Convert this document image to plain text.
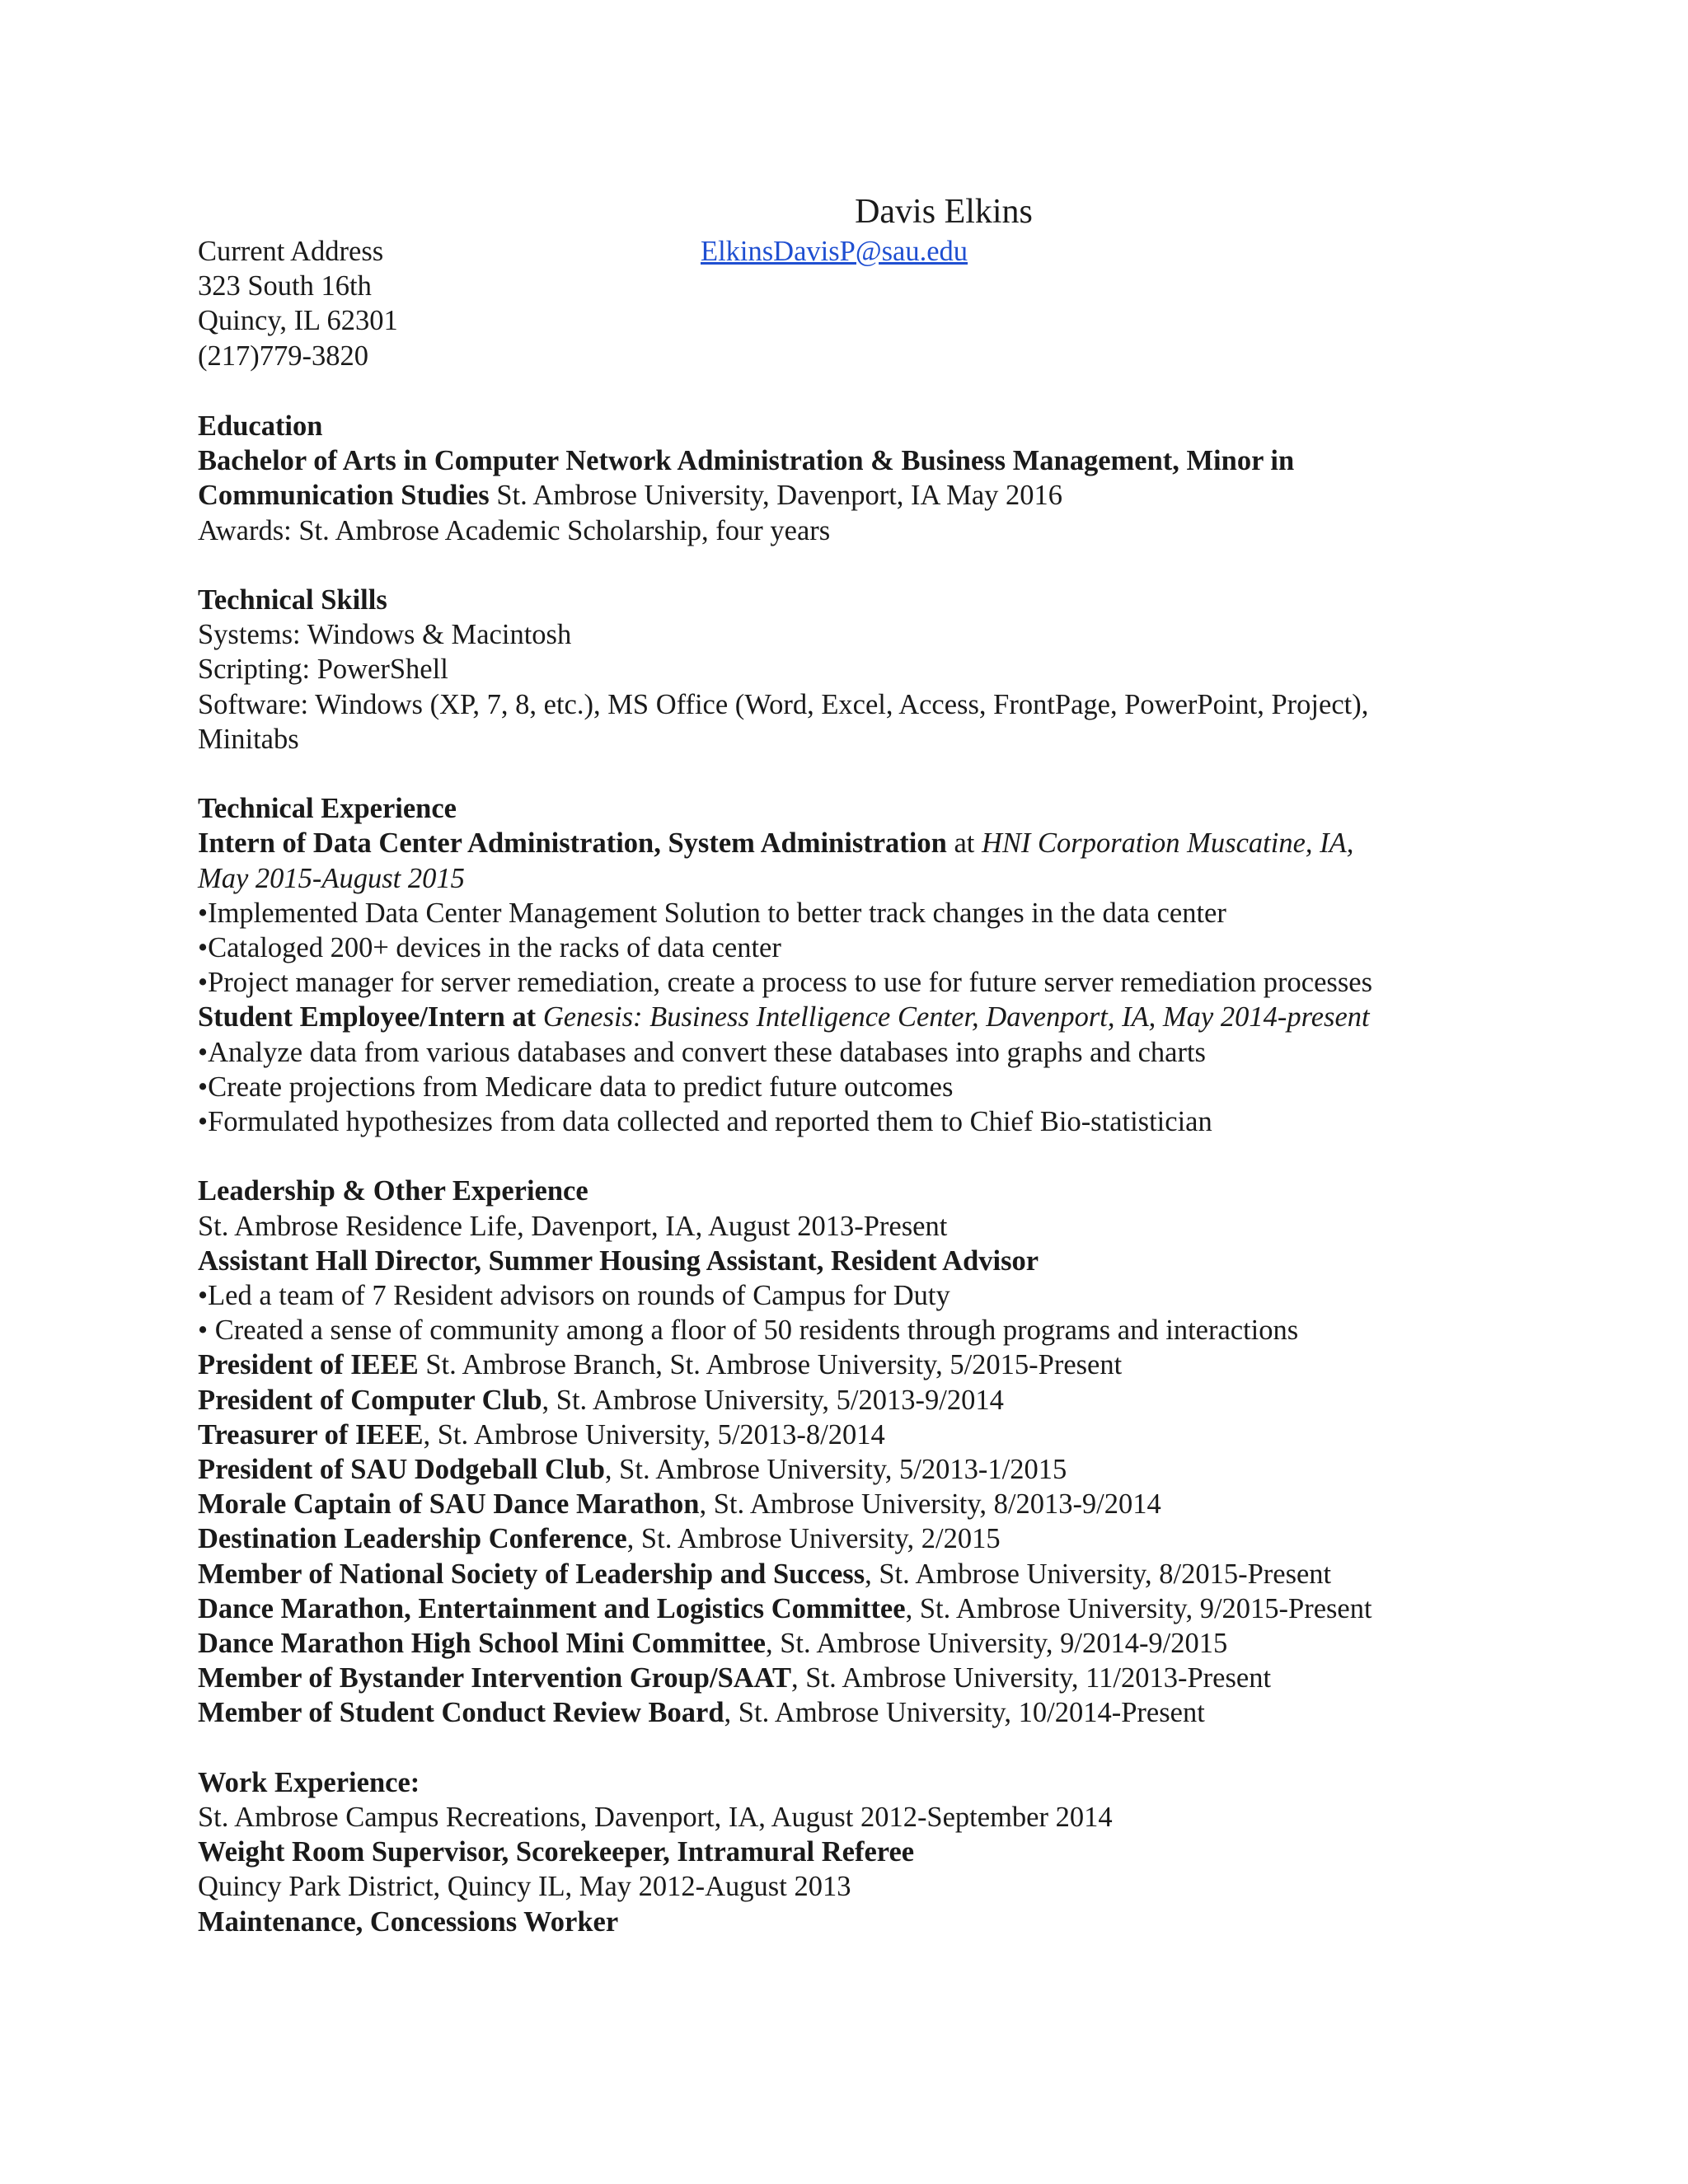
Davis Elkins
Current Address
323 South 16th
Quincy, IL 62301
(217)779-3820
ElkinsDavisP@sau.edu
Education
Bachelor of Arts in Computer Network Administration & Business Management, Minor in
Communication Studies St. Ambrose University, Davenport, IA May 2016
Awards: St. Ambrose Academic Scholarship, four years
Technical Skills
Systems: Windows & Macintosh
Scripting: PowerShell
Software: Windows (XP, 7, 8, etc.), MS Office (Word, Excel, Access, FrontPage, PowerPoint, Project),
Minitabs
Technical Experience
Intern of Data Center Administration, System Administration at HNI Corporation Muscatine, IA,
May 2015-August 2015
•Implemented Data Center Management Solution to better track changes in the data center
•Cataloged 200+ devices in the racks of data center
•Project manager for server remediation, create a process to use for future server remediation processes
Student Employee/Intern at Genesis: Business Intelligence Center, Davenport, IA, May 2014-present
•Analyze data from various databases and convert these databases into graphs and charts
•Create projections from Medicare data to predict future outcomes
•Formulated hypothesizes from data collected and reported them to Chief Bio-statistician
Leadership & Other Experience
St. Ambrose Residence Life, Davenport, IA, August 2013-Present
Assistant Hall Director, Summer Housing Assistant, Resident Advisor
•Led a team of 7 Resident advisors on rounds of Campus for Duty
• Created a sense of community among a floor of 50 residents through programs and interactions
President of IEEE St. Ambrose Branch, St. Ambrose University, 5/2015-Present
President of Computer Club, St. Ambrose University, 5/2013-9/2014
Treasurer of IEEE, St. Ambrose University, 5/2013-8/2014
President of SAU Dodgeball Club, St. Ambrose University, 5/2013-1/2015
Morale Captain of SAU Dance Marathon, St. Ambrose University, 8/2013-9/2014
Destination Leadership Conference, St. Ambrose University, 2/2015
Member of National Society of Leadership and Success, St. Ambrose University, 8/2015-Present
Dance Marathon, Entertainment and Logistics Committee, St. Ambrose University, 9/2015-Present
Dance Marathon High School Mini Committee, St. Ambrose University, 9/2014-9/2015
Member of Bystander Intervention Group/SAAT, St. Ambrose University, 11/2013-Present
Member of Student Conduct Review Board, St. Ambrose University, 10/2014-Present
Work Experience:
St. Ambrose Campus Recreations, Davenport, IA, August 2012-September 2014
Weight Room Supervisor, Scorekeeper, Intramural Referee
Quincy Park District, Quincy IL, May 2012-August 2013
Maintenance, Concessions Worker
